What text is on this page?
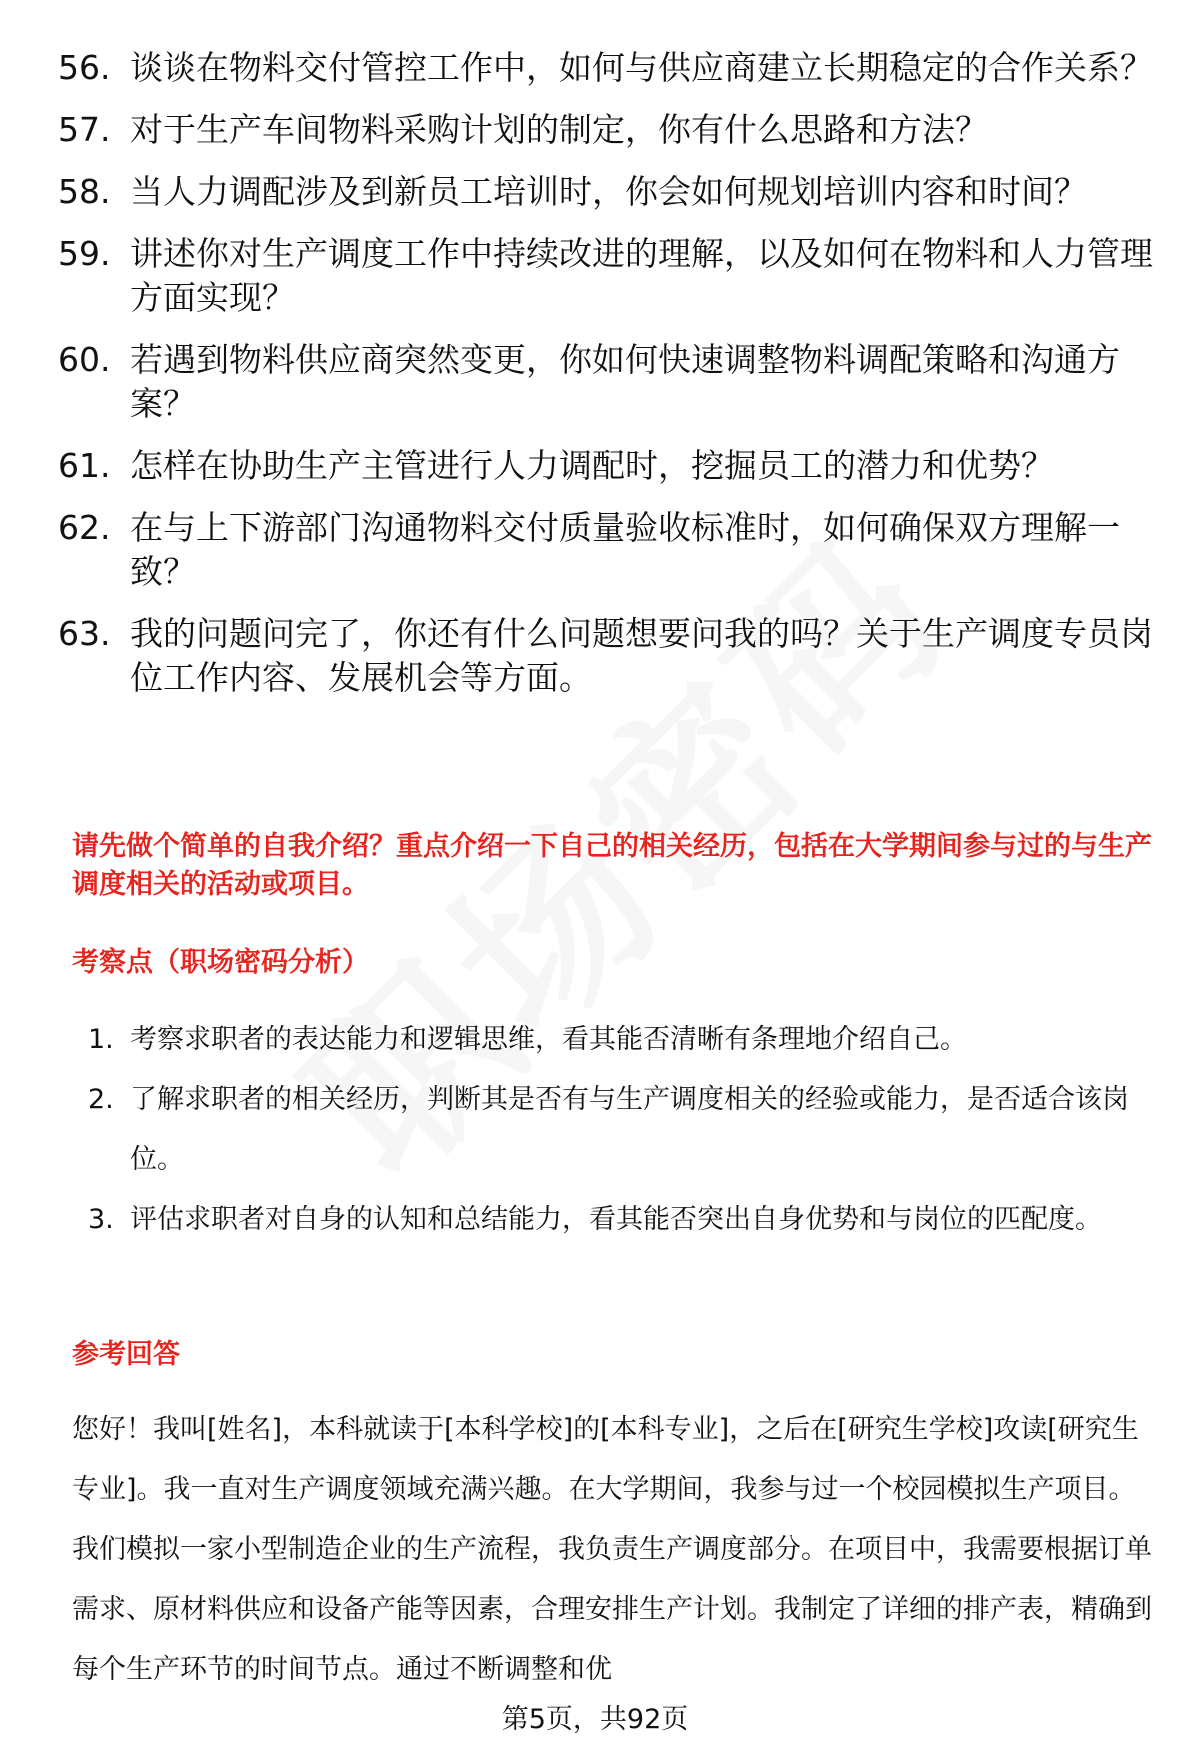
56. 谈谈在物料交付管控工作中，如何与供应商建立长期稳定的合作关系？
57. 对于生产车间物料采购计划的制定，你有什么思路和方法？
58. 当人力调配涉及到新员工培训时，你会如何规划培训内容和时间？
59. 讲述你对生产调度工作中持续改进的理解，以及如何在物料和人力管理方面实现？
60. 若遇到物料供应商突然变更，你如何快速调整物料调配策略和沟通方案？
61. 怎样在协助生产主管进行人力调配时，挖掘员工的潜力和优势？
62. 在与上下游部门沟通物料交付质量验收标准时，如何确保双方理解一致？
63. 我的问题问完了，你还有什么问题想要问我的吗？关于生产调度专员岗位工作内容、发展机会等方面。

请先做个简单的自我介绍？重点介绍一下自己的相关经历，包括在大学期间参与过的与生产调度相关的活动或项目。

考察点（职场密码分析）
1. 考察求职者的表达能力和逻辑思维，看其能否清晰有条理地介绍自己。
2. 了解求职者的相关经历，判断其是否有与生产调度相关的经验或能力，是否适合该岗位。
3. 评估求职者对自身的认知和总结能力，看其能否突出自身优势和与岗位的匹配度。
参考回答

您好！我叫[姓名]，本科就读于[本科学校]的[本科专业]，之后在[研究生学校]攻读[研究生专业]。我一直对生产调度领域充满兴趣。在大学期间，我参与过一个校园模拟生产项目。我们模拟一家小型制造企业的生产流程，我负责生产调度部分。在项目中，我需要根据订单需求、原材料供应和设备产能等因素，合理安排生产计划。我制定了详细的排产表，精确到每个生产环节的时间节点。通过不断调整和优

第5页，共92页
